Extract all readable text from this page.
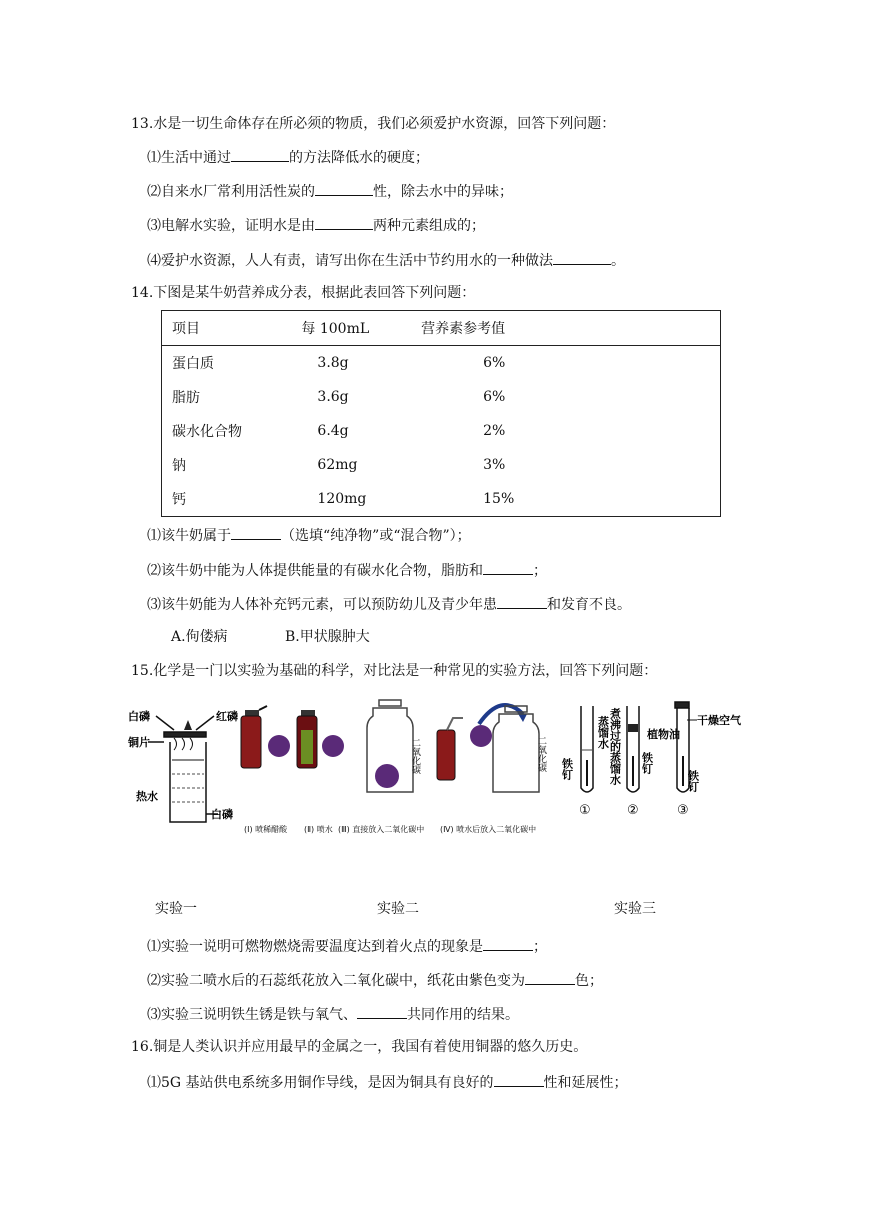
13.水是一切生命体存在所必须的物质，我们必须爱护水资源，回答下列问题：
⑴生活中通过	的方法降低水的硬度；
⑵自来水厂常利用活性炭的	性，除去水中的异味；
⑶电解水实验，证明水是由	两种元素组成的；
⑷爱护水资源，人人有责，请写出你在生活中节约用水的一种做法	。
14.下图是某牛奶营养成分表，根据此表回答下列问题：
项目	每 100mL	营养素参考值
蛋白质	3.8g	6%
脂肪	3.6g	6%
碳水化合物	6.4g	2%
钠	62mg	3%
钙	120mg	15%
⑴该牛奶属于	（选填“纯净物”或“混合物”）；
⑵该牛奶中能为人体提供能量的有碳水化合物，脂肪和	；
⑶该牛奶能为人体补充钙元素，可以预防幼儿及青少年患	和发育不良。
A.佝偻病	B.甲状腺肿大
15.化学是一门以实验为基础的科学，对比法是一种常见的实验方法，回答下列问题：
白磷	红磷
铜片
热水
白磷
二氧化碳	二氧化碳
(Ⅰ) 喷稀醋酸 (Ⅱ) 喷水 (Ⅲ) 直接放入二氧化碳中 (Ⅳ) 喷水后放入二氧化碳中
蒸馏水
铁钉
①
煮沸过的蒸馏水 植物油
铁钉
②
干燥空气
铁钉
③
实验一	实验二	实验三
⑴实验一说明可燃物燃烧需要温度达到着火点的现象是	；
⑵实验二喷水后的石蕊纸花放入二氧化碳中，纸花由紫色变为	色；
⑶实验三说明铁生锈是铁与氧气、	共同作用的结果。
16.铜是人类认识并应用最早的金属之一，我国有着使用铜器的悠久历史。
⑴5G 基站供电系统多用铜作导线，是因为铜具有良好的	性和延展性；
